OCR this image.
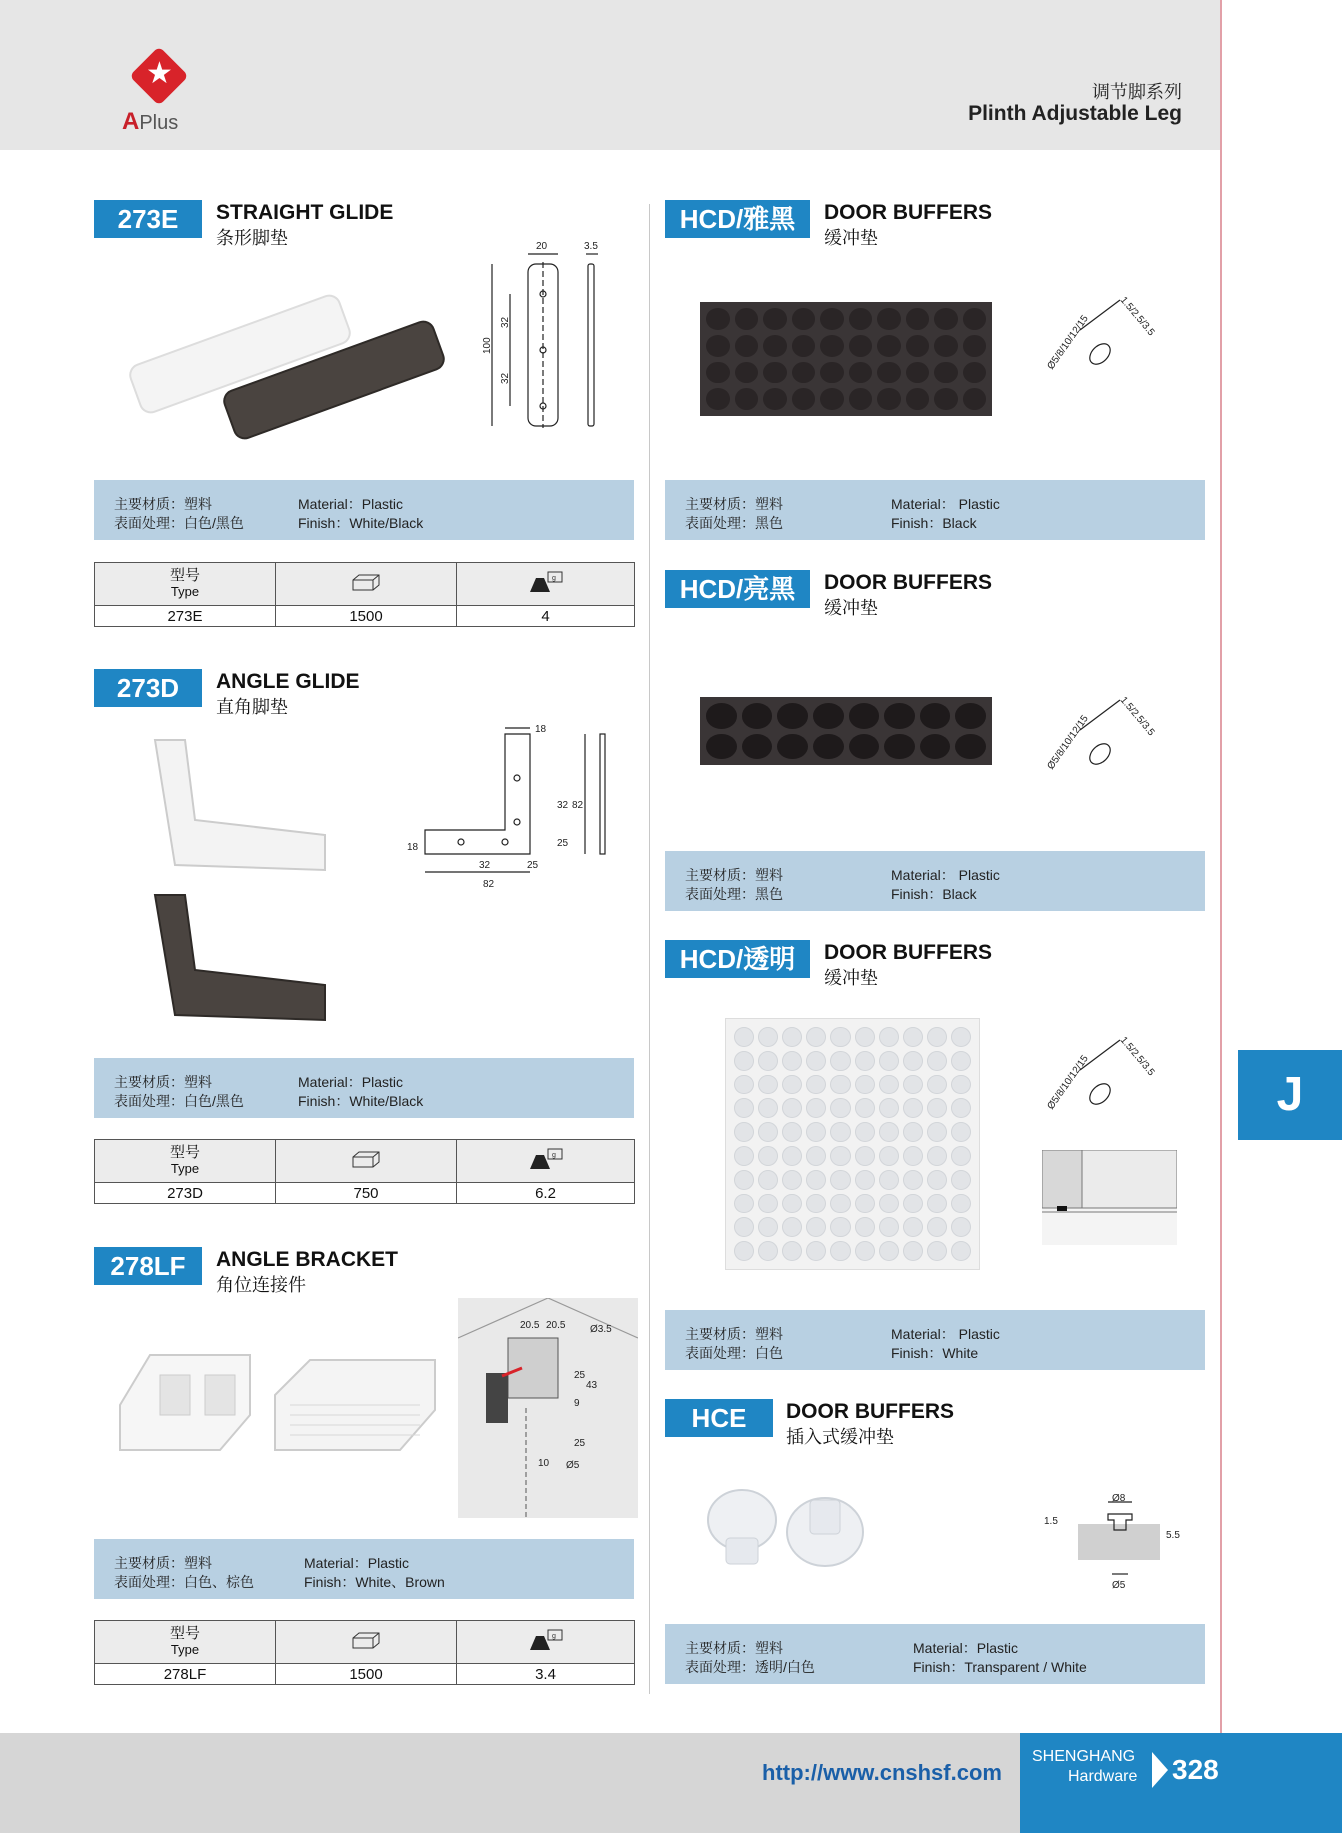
★
APlus
调节脚系列
Plinth Adjustable Leg
273E	STRAIGHT GLIDE
条形脚垫	20	3.5
32
32
100
主要材质：塑料
表面处理：白色/黑色
Material：Plastic
Finish：White/Black
型号
Type		g

273E	1500	4
273D	ANGLE GLIDE
直角脚垫
18
32 82
25
18
32	25
82
主要材质：塑料
表面处理：白色/黑色
Material：Plastic
Finish：White/Black
型号
Type		g

273D	750	6.2
278LF	ANGLE BRACKET
角位连接件
20.5 20.5 Ø3.5
25
43
9
25
10 Ø5
主要材质：塑料
表面处理：白色、棕色
Material：Plastic
Finish：White、Brown
型号
Type		g

278LF	1500	3.4
HCD/雅黑	DOOR BUFFERS
缓冲垫
Ø5/8/10/12/15	1.5/2.5/3.5
主要材质：塑料
表面处理：黑色
Material： Plastic
Finish：Black
HCD/亮黑	DOOR BUFFERS
缓冲垫
Ø5/8/10/12/15	1.5/2.5/3.5
主要材质：塑料
表面处理：黑色
Material： Plastic
Finish：Black
HCD/透明	DOOR BUFFERS
缓冲垫
Ø5/8/10/12/15	1.5/2.5/3.5
主要材质：塑料
表面处理：白色
Material： Plastic
Finish：White
HCE	DOOR BUFFERS
插入式缓冲垫
Ø8
1.5
5.5
Ø5
主要材质：塑料
表面处理：透明/白色
Material：Plastic
Finish：Transparent / White
J
http://www.cnshsf.com
SHENGHANG
Hardware 328
